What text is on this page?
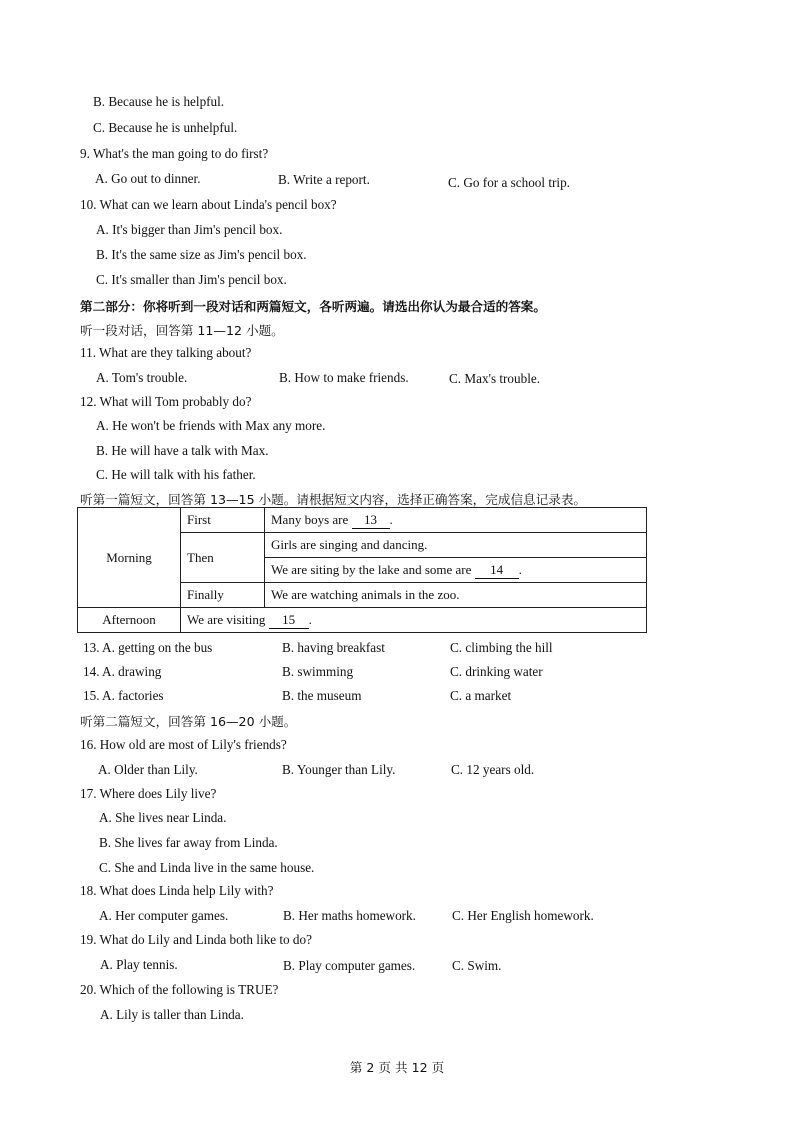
B. Because he is helpful.
C. Because he is unhelpful.
9. What's the man going to do first?
A. Go out to dinner.	B. Write a report.	C. Go for a school trip.
10. What can we learn about Linda's pencil box?
A. It's bigger than Jim's pencil box.
B. It's the same size as Jim's pencil box.
C. It's smaller than Jim's pencil box.
第二部分：你将听到一段对话和两篇短文，各听两遍。请选出你认为最合适的答案。
听一段对话，回答第 11—12 小题。
11. What are they talking about?
A. Tom's trouble.	B. How to make friends.	C. Max's trouble.
12. What will Tom probably do?
A. He won't be friends with Max any more.
B. He will have a talk with Max.
C. He will talk with his father.
听第一篇短文，回答第 13—15 小题。请根据短文内容，选择正确答案，完成信息记录表。
Morning	First	Many boys are 13 .
	Then	Girls are singing and dancing.
		We are siting by the lake and some are 14 .
	Finally	We are watching animals in the zoo.
Afternoon	We are visiting 15 .	
13. A. getting on the bus	B. having breakfast	C. climbing the hill
14. A. drawing	B. swimming	C. drinking water
15. A. factories	B. the museum	C. a market
听第二篇短文，回答第 16—20 小题。
16. How old are most of Lily's friends?
A. Older than Lily.	B. Younger than Lily.	C. 12 years old.
17. Where does Lily live?
A. She lives near Linda.
B. She lives far away from Linda.
C. She and Linda live in the same house.
18. What does Linda help Lily with?
A. Her computer games.	B. Her maths homework.	C. Her English homework.
19. What do Lily and Linda both like to do?
A. Play tennis.	B. Play computer games.	C. Swim.
20. Which of the following is TRUE?
A. Lily is taller than Linda.
第 2 页 共 12 页
